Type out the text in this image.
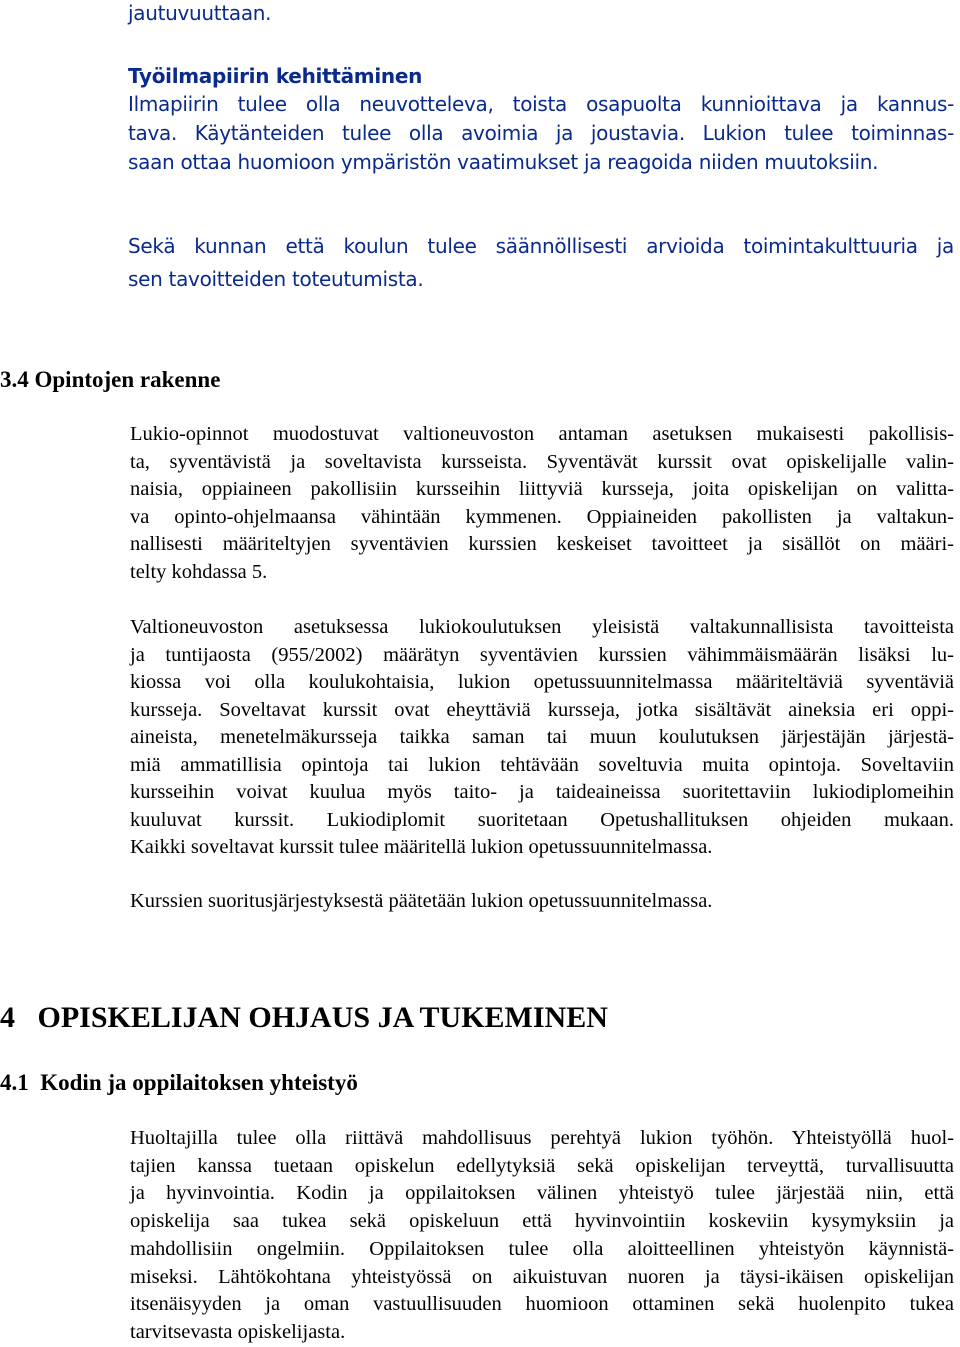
jautuvuuttaan.
Työilmapiirin kehittäminen
Ilmapiirin tulee olla neuvotteleva, toista osapuolta kunnioittava ja kannus-
tava. Käytänteiden tulee olla avoimia ja joustavia. Lukion tulee toiminnas-
saan ottaa huomioon ympäristön vaatimukset ja reagoida niiden muutoksiin.
Sekä kunnan että koulun tulee säännöllisesti arvioida toimintakulttuuria ja
sen tavoitteiden toteutumista.
3.4 Opintojen rakenne
Lukio-opinnot muodostuvat valtioneuvoston antaman asetuksen mukaisesti pakollisis-
ta, syventävistä ja soveltavista kursseista. Syventävät kurssit ovat opiskelijalle valin-
naisia, oppiaineen pakollisiin kursseihin liittyviä kursseja, joita opiskelijan on valitta-
va opinto-ohjelmaansa vähintään kymmenen. Oppiaineiden pakollisten ja valtakun-
nallisesti määriteltyjen syventävien kurssien keskeiset tavoitteet ja sisällöt on määri-
telty kohdassa 5.
Valtioneuvoston asetuksessa lukiokoulutuksen yleisistä valtakunnallisista tavoitteista
ja tuntijaosta (955/2002) määrätyn syventävien kurssien vähimmäismäärän lisäksi lu-
kiossa voi olla koulukohtaisia, lukion opetussuunnitelmassa määriteltäviä syventäviä
kursseja. Soveltavat kurssit ovat eheyttäviä kursseja, jotka sisältävät aineksia eri oppi-
aineista, menetelmäkursseja taikka saman tai muun koulutuksen järjestäjän järjestä-
miä ammatillisia opintoja tai lukion tehtävään soveltuvia muita opintoja. Soveltaviin
kursseihin voivat kuulua myös taito- ja taideaineissa suoritettaviin lukiodiplomeihin
kuuluvat kurssit. Lukiodiplomit suoritetaan Opetushallituksen ohjeiden mukaan.
Kaikki soveltavat kurssit tulee määritellä lukion opetussuunnitelmassa.
Kurssien suoritusjärjestyksestä päätetään lukion opetussuunnitelmassa.
4   OPISKELIJAN OHJAUS JA TUKEMINEN
4.1  Kodin ja oppilaitoksen yhteistyö
Huoltajilla tulee olla riittävä mahdollisuus perehtyä lukion työhön. Yhteistyöllä huol-
tajien kanssa tuetaan opiskelun edellytyksiä sekä opiskelijan terveyttä, turvallisuutta
ja hyvinvointia. Kodin ja oppilaitoksen välinen yhteistyö tulee järjestää niin, että
opiskelija saa tukea sekä opiskeluun että hyvinvointiin koskeviin kysymyksiin ja
mahdollisiin ongelmiin. Oppilaitoksen tulee olla aloitteellinen yhteistyön käynnistä-
miseksi. Lähtökohtana yhteistyössä on aikuistuvan nuoren ja täysi-ikäisen opiskelijan
itsenäisyyden ja oman vastuullisuuden huomioon ottaminen sekä huolenpito tukea
tarvitsevasta opiskelijasta.
